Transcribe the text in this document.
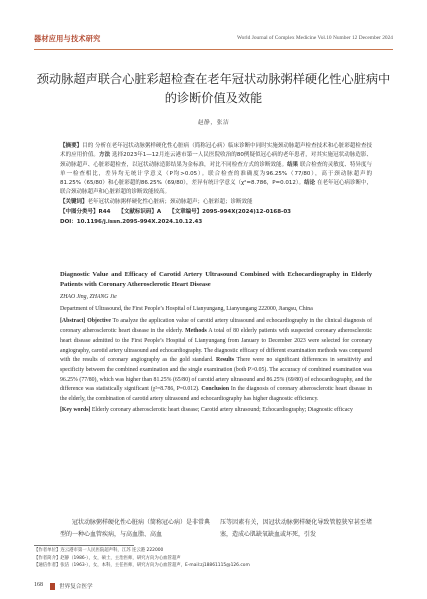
器材应用与技术研究	World Journal of Complex Medicine Vol.10 Number 12 December 2024
颈动脉超声联合心脏彩超检查在老年冠状动脉粥样硬化性心脏病中的诊断价值及效能
赵静，张洁

【摘要】目的 分析在老年冠状动脉粥样硬化性心脏病（简称冠心病）临床诊断中同时实施颈动脉超声检查技术和心脏彩超检查技术的应用价值。方法 选择2023年1—12月连云港市第一人民医院收治的80例疑似冠心病的老年患者，对其实施冠状动脉造影、颈动脉超声、心脏彩超检查，以冠状动脉造影结果为金标准，对比不同检查方式的诊断效能。结果 联合检查的灵敏度、特异度与单一检查相比，差异均无统计学意义（P均>0.05）。联合检查的准确度为96.25%（77/80），高于颈动脉超声的81.25%（65/80）和心脏彩超的86.25%（69/80），差异有统计学意义（χ²=8.786，P=0.012）。结论 在老年冠心病诊断中，联合颈动脉超声和心脏彩超的诊断效能较高。

【关键词】老年冠状动脉粥样硬化性心脏病；颈动脉超声；心脏彩超；诊断效能

【中图分类号】R44 【文献标识码】A 【文章编号】2095-994X(2024)12-0168-03

DOI：10.1196/j.issn.2095-994X.2024.10.12.43

Diagnostic Value and Efficacy of Carotid Artery Ultrasound Combined with Echocardiography in Elderly Patients with Coronary Atherosclerotic Heart Disease
ZHAO Jing, ZHANG Jie
Department of Ultrasound, the First People’s Hospital of Lianyungang, Lianyungang 222000, Jiangsu, China

[Abstract] Objective To analyze the application value of carotid artery ultrasound and echocardiography in the clinical diagnosis of coronary atherosclerotic heart disease in the elderly. Methods A total of 80 elderly patients with suspected coronary atherosclerotic heart disease admitted to the First People’s Hospital of Lianyungang from January to December 2023 were selected for coronary angiography, carotid artery ultrasound and echocardiography. The diagnostic efficacy of different examination methods was compared with the results of coronary angiography as the gold standard. Results There were no significant differences in sensitivity and specificity between the combined examination and the single examination (both P>0.05). The accuracy of combined examination was 96.25% (77/80), which was higher than 81.25% (65/80) of carotid artery ultrasound and 86.25% (69/80) of echocardiography, and the difference was statistically significant (χ²=8.786, P=0.012). Conclusion In the diagnosis of coronary atherosclerotic heart disease in the elderly, the combination of carotid artery ultrasound and echocardiography has higher diagnostic efficiency.

[Key words] Elderly coronary atherosclerotic heart disease; Carotid artery ultrasound; Echocardiography; Diagnostic efficacy

冠状动脉粥样硬化性心脏病（简称冠心病）是非常典型的一种心血管疾病，与高血脂、高血
压等因素有关，因冠状动脉粥样硬化导致管腔狭窄甚至堵塞，造成心肌缺氧缺血或坏死，引发
【作者单位】连云港市第一人民医院超声科，江苏 连云港 222000
【作者简介】赵静（1986-），女，硕士，主治医师，研究方向为心血管超声
【通信作者】张洁（1963-），女，本科，主任医师，研究方向为心血管超声，E-mail:zj18861115@126.com
168	世界复合医学
